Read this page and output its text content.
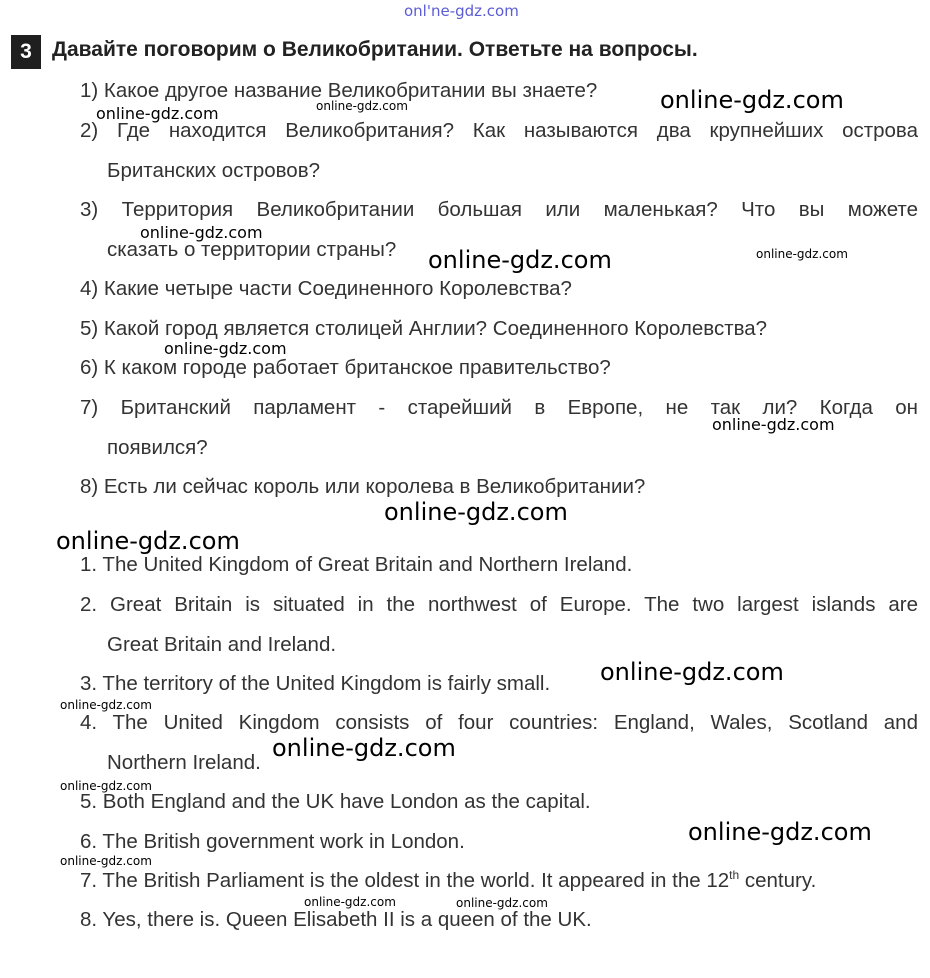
onl'ne-gdz.com
3 Давайте поговорим о Великобритании. Ответьте на вопросы.
1) Какое другое название Великобритании вы знаете?
2) Где находится Великобритания? Как называются два крупнейших острова
Британских островов?
3) Территория Великобритании большая или маленькая? Что вы можете
сказать о территории страны?
4) Какие четыре части Соединенного Королевства?
5) Какой город является столицей Англии? Соединенного Королевства?
6) К каком городе работает британское правительство?
7) Британский парламент - старейший в Европе, не так ли? Когда он
появился?
8) Есть ли сейчас король или королева в Великобритании?
1. The United Kingdom of Great Britain and Northern Ireland.
2. Great Britain is situated in the northwest of Europe. The two largest islands are
Great Britain and Ireland.
3. The territory of the United Kingdom is fairly small.
4. The United Kingdom consists of four countries: England, Wales, Scotland and
Northern Ireland.
5. Both England and the UK have London as the capital.
6. The British government work in London.
7. The British Parliament is the oldest in the world. It appeared in the 12th century.
8. Yes, there is. Queen Elisabeth II is a queen of the UK.
online-gdz.com
online-gdz.com	online-gdz.com
online-gdz.com
online-gdz.com	online-gdz.com
online-gdz.com
online-gdz.com
online-gdz.com
online-gdz.com
online-gdz.com
online-gdz.com
online-gdz.com
online-gdz.com
online-gdz.com
online-gdz.com
online-gdz.com	online-gdz.com
